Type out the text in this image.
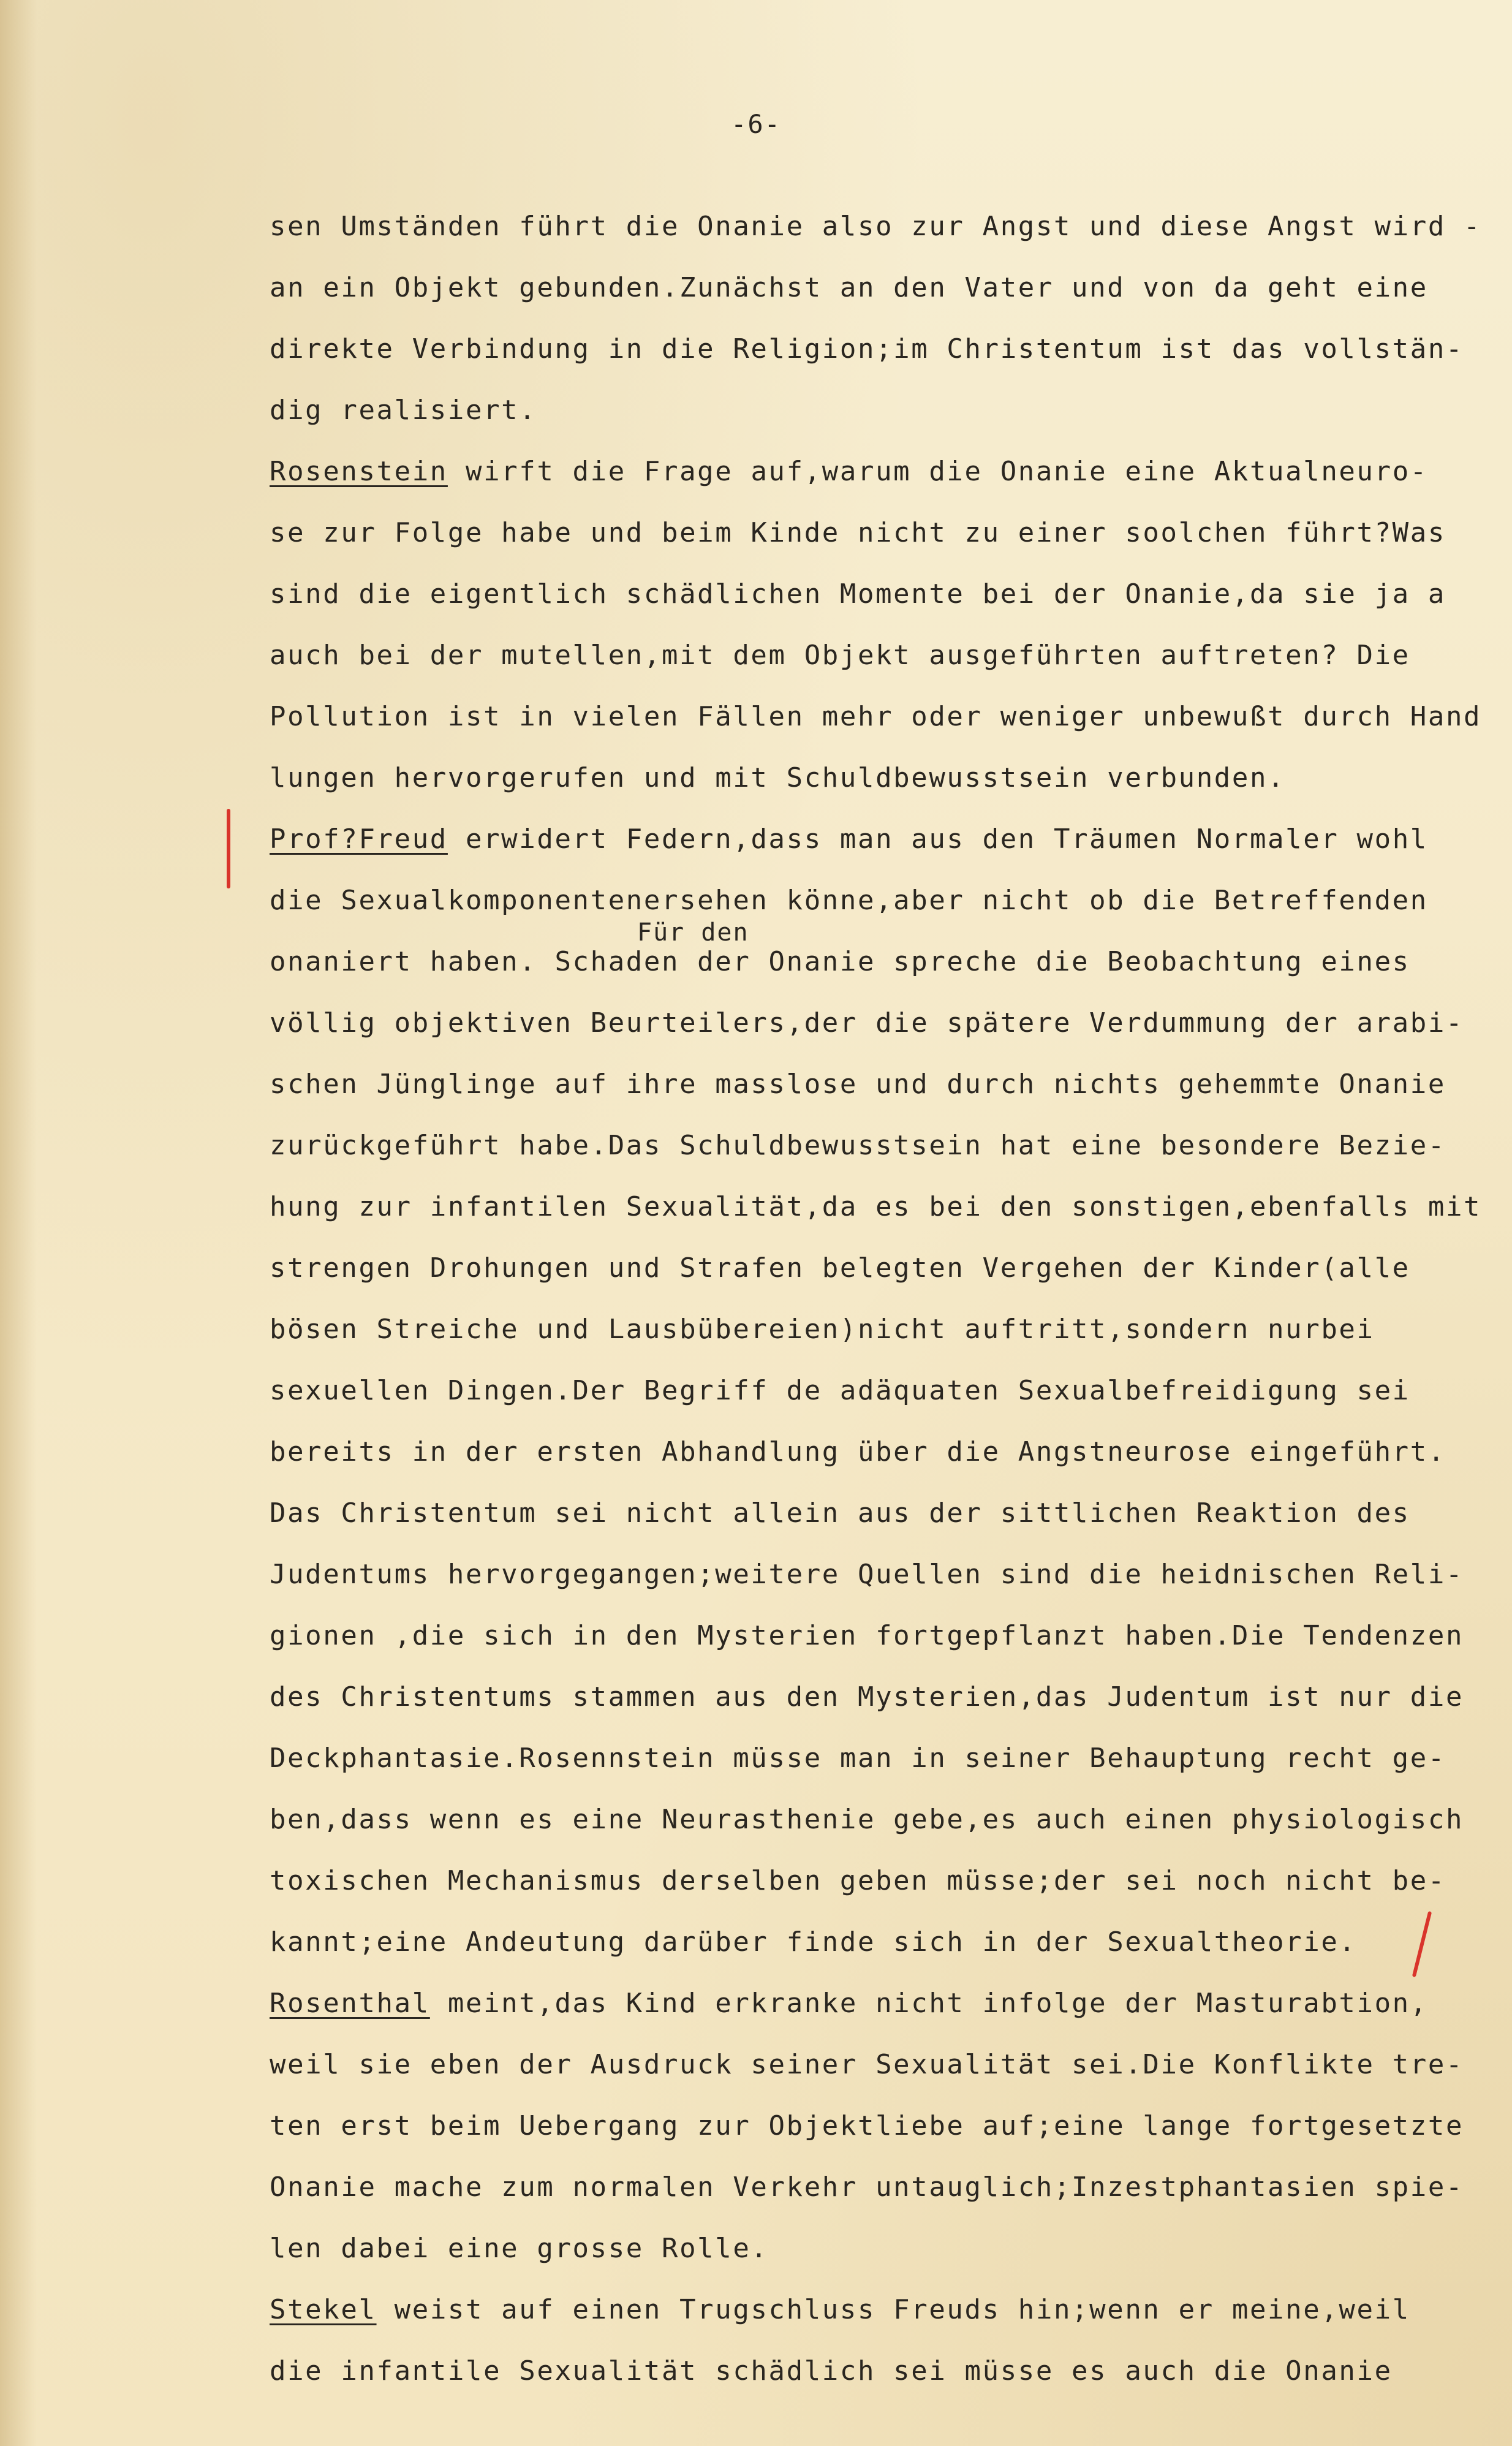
-6-
sen Umständen führt die Onanie also zur Angst und diese Angst wird -
an ein Objekt gebunden.Zunächst an den Vater und von da geht eine
direkte Verbindung in die Religion;im Christentum ist das vollstän-
dig realisiert.
Rosenstein wirft die Frage auf,warum die Onanie eine Aktualneuro-
se zur Folge habe und beim Kinde nicht zu einer soolchen führt?Was
sind die eigentlich schädlichen Momente bei der Onanie,da sie ja a
auch bei der mutellen,mit dem Objekt ausgeführten auftreten? Die
Pollution ist in vielen Fällen mehr oder weniger unbewußt durch Hand
lungen hervorgerufen und mit Schuldbewusstsein verbunden.
Prof?Freud erwidert Federn,dass man aus den Träumen Normaler wohl
die Sexualkomponentenersehen könne,aber nicht ob die Betreffenden
Für den
onaniert haben. Schaden der Onanie spreche die Beobachtung eines
völlig objektiven Beurteilers,der die spätere Verdummung der arabi-
schen Jünglinge auf ihre masslose und durch nichts gehemmte Onanie
zurückgeführt habe.Das Schuldbewusstsein hat eine besondere Bezie-
hung zur infantilen Sexualität,da es bei den sonstigen,ebenfalls mit
strengen Drohungen und Strafen belegten Vergehen der Kinder(alle
bösen Streiche und Lausbübereien)nicht auftritt,sondern nurbei
sexuellen Dingen.Der Begriff de adäquaten Sexualbefreidigung sei
bereits in der ersten Abhandlung über die Angstneurose eingeführt.
Das Christentum sei nicht allein aus der sittlichen Reaktion des
Judentums hervorgegangen;weitere Quellen sind die heidnischen Reli-
gionen ,die sich in den Mysterien fortgepflanzt haben.Die Tendenzen
des Christentums stammen aus den Mysterien,das Judentum ist nur die
Deckphantasie.Rosennstein müsse man in seiner Behauptung recht ge-
ben,dass wenn es eine Neurasthenie gebe,es auch einen physiologisch
toxischen Mechanismus derselben geben müsse;der sei noch nicht be-
kannt;eine Andeutung darüber finde sich in der Sexualtheorie.
Rosenthal meint,das Kind erkranke nicht infolge der Masturabtion,
weil sie eben der Ausdruck seiner Sexualität sei.Die Konflikte tre-
ten erst beim Uebergang zur Objektliebe auf;eine lange fortgesetzte
Onanie mache zum normalen Verkehr untauglich;Inzestphantasien spie-
len dabei eine grosse Rolle.
Stekel weist auf einen Trugschluss Freuds hin;wenn er meine,weil
die infantile Sexualität schädlich sei müsse es auch die Onanie
